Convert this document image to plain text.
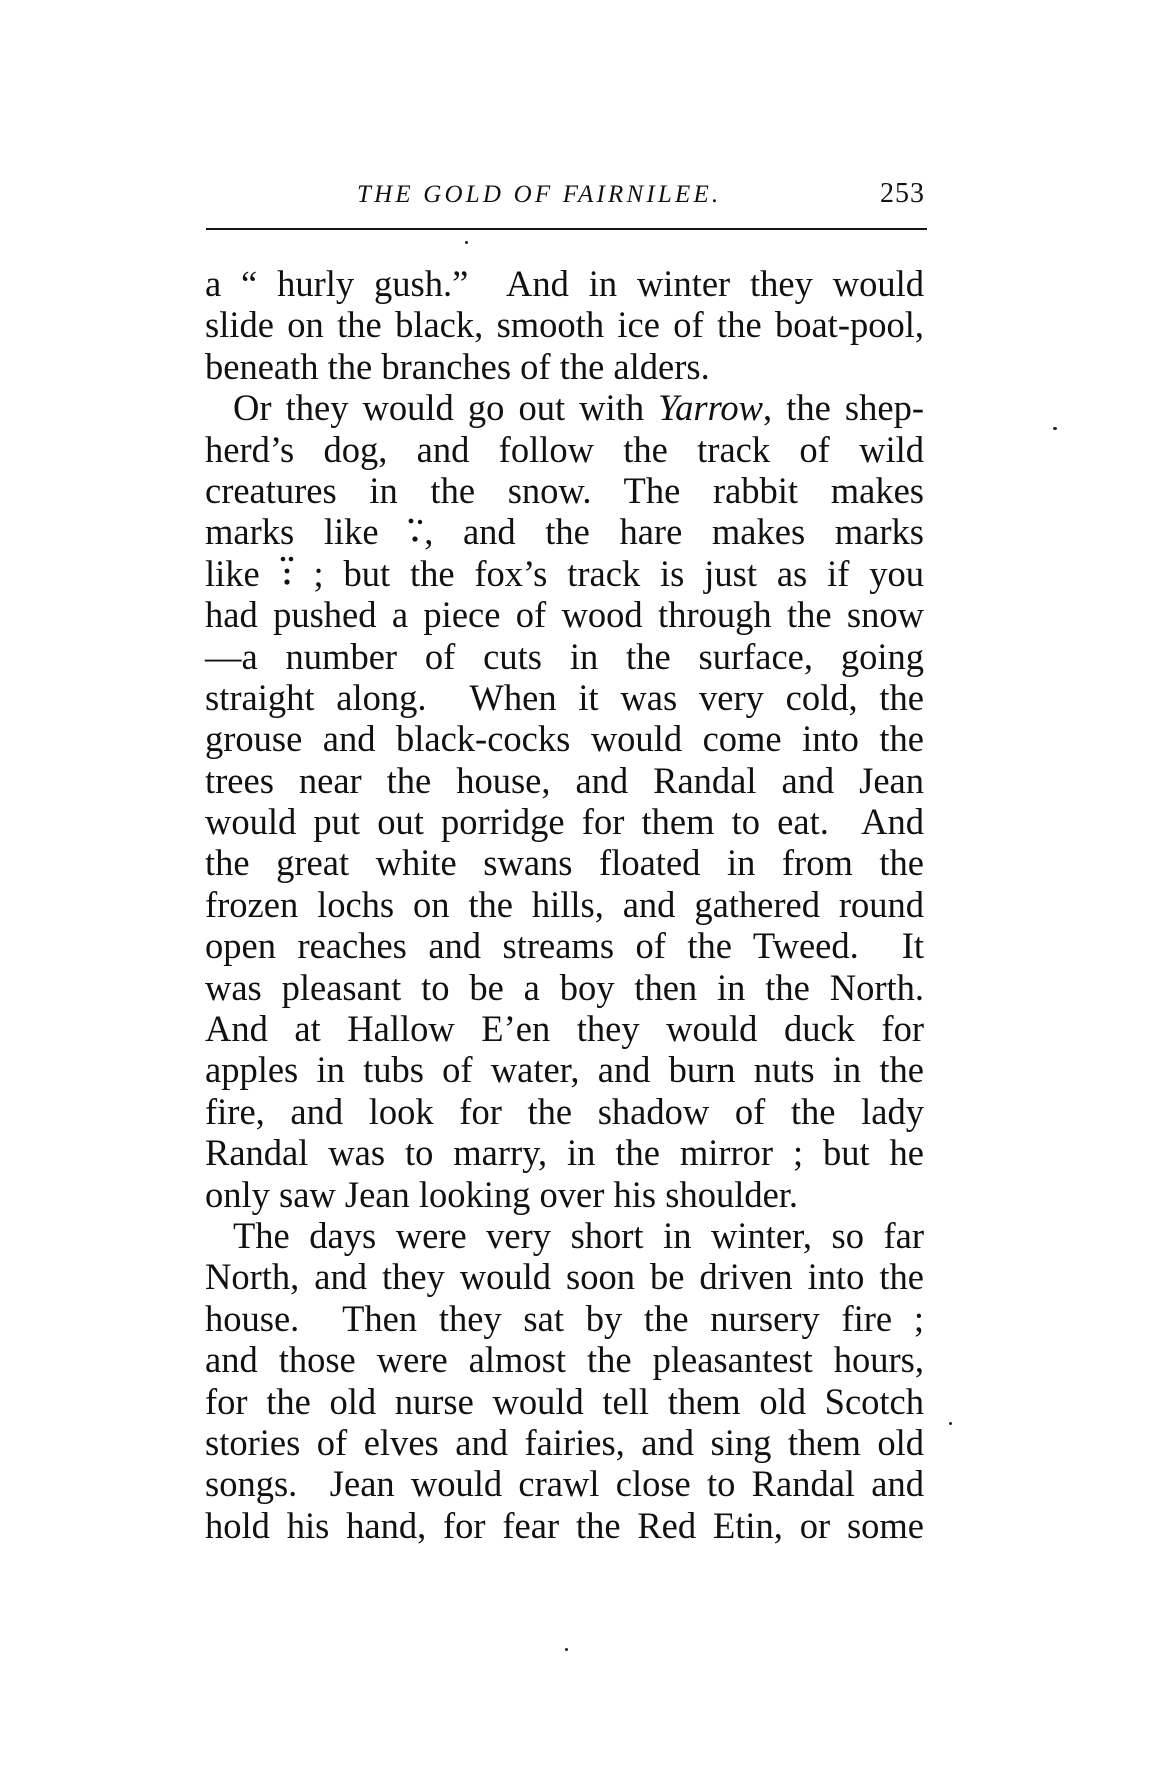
THE GOLD OF FAIRNILEE.	253
a “ hurly gush.”  And in winter they would
slide on the black, smooth ice of the boat-pool,
beneath the branches of the alders.
Or they would go out with Yarrow, the shep-
herd’s dog, and follow the track of wild
creatures in the snow. The rabbit makes
marks like
, and the hare makes marks
like
; but the fox’s track is just as if you
had pushed a piece of wood through the snow
—a number of cuts in the surface, going
straight along.  When it was very cold, the
grouse and black-cocks would come into the
trees near the house, and Randal and Jean
would put out porridge for them to eat.  And
the great white swans floated in from the
frozen lochs on the hills, and gathered round
open reaches and streams of the Tweed.  It
was pleasant to be a boy then in the North.
And at Hallow E’en they would duck for
apples in tubs of water, and burn nuts in the
fire, and look for the shadow of the lady
Randal was to marry, in the mirror ; but he
only saw Jean looking over his shoulder.
The days were very short in winter, so far
North, and they would soon be driven into the
house.  Then they sat by the nursery fire ;
and those were almost the pleasantest hours,
for the old nurse would tell them old Scotch
stories of elves and fairies, and sing them old
songs.  Jean would crawl close to Randal and
hold his hand, for fear the Red Etin, or some
